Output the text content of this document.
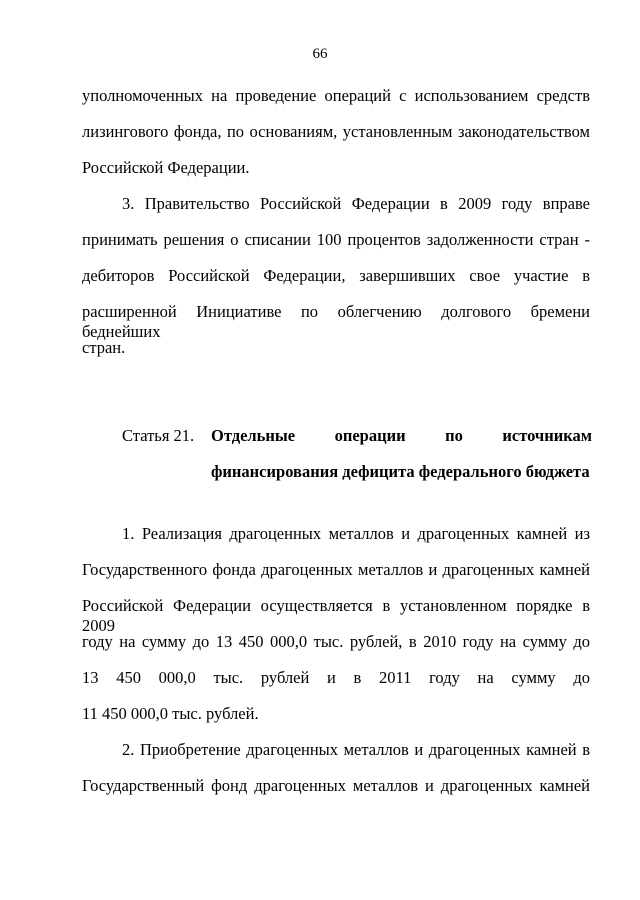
66
уполномоченных на проведение операций с использованием средств
лизингового фонда, по основаниям, установленным законодательством
Российской Федерации.
3. Правительство Российской Федерации в 2009 году вправе
принимать решения о списании 100 процентов задолженности стран -
дебиторов Российской Федерации, завершивших свое участие в
расширенной Инициативе по облегчению долгового бремени беднейших
стран.
Статья 21. Отдельные операции по источникам
финансирования дефицита федерального бюджета
1. Реализация драгоценных металлов и драгоценных камней из
Государственного фонда драгоценных металлов и драгоценных камней
Российской Федерации осуществляется в установленном порядке в 2009
году на сумму до 13 450 000,0 тыс. рублей, в 2010 году на сумму до
13 450 000,0 тыс. рублей и в 2011 году на сумму до
11 450 000,0 тыс. рублей.
2. Приобретение драгоценных металлов и драгоценных камней в
Государственный фонд драгоценных металлов и драгоценных камней
